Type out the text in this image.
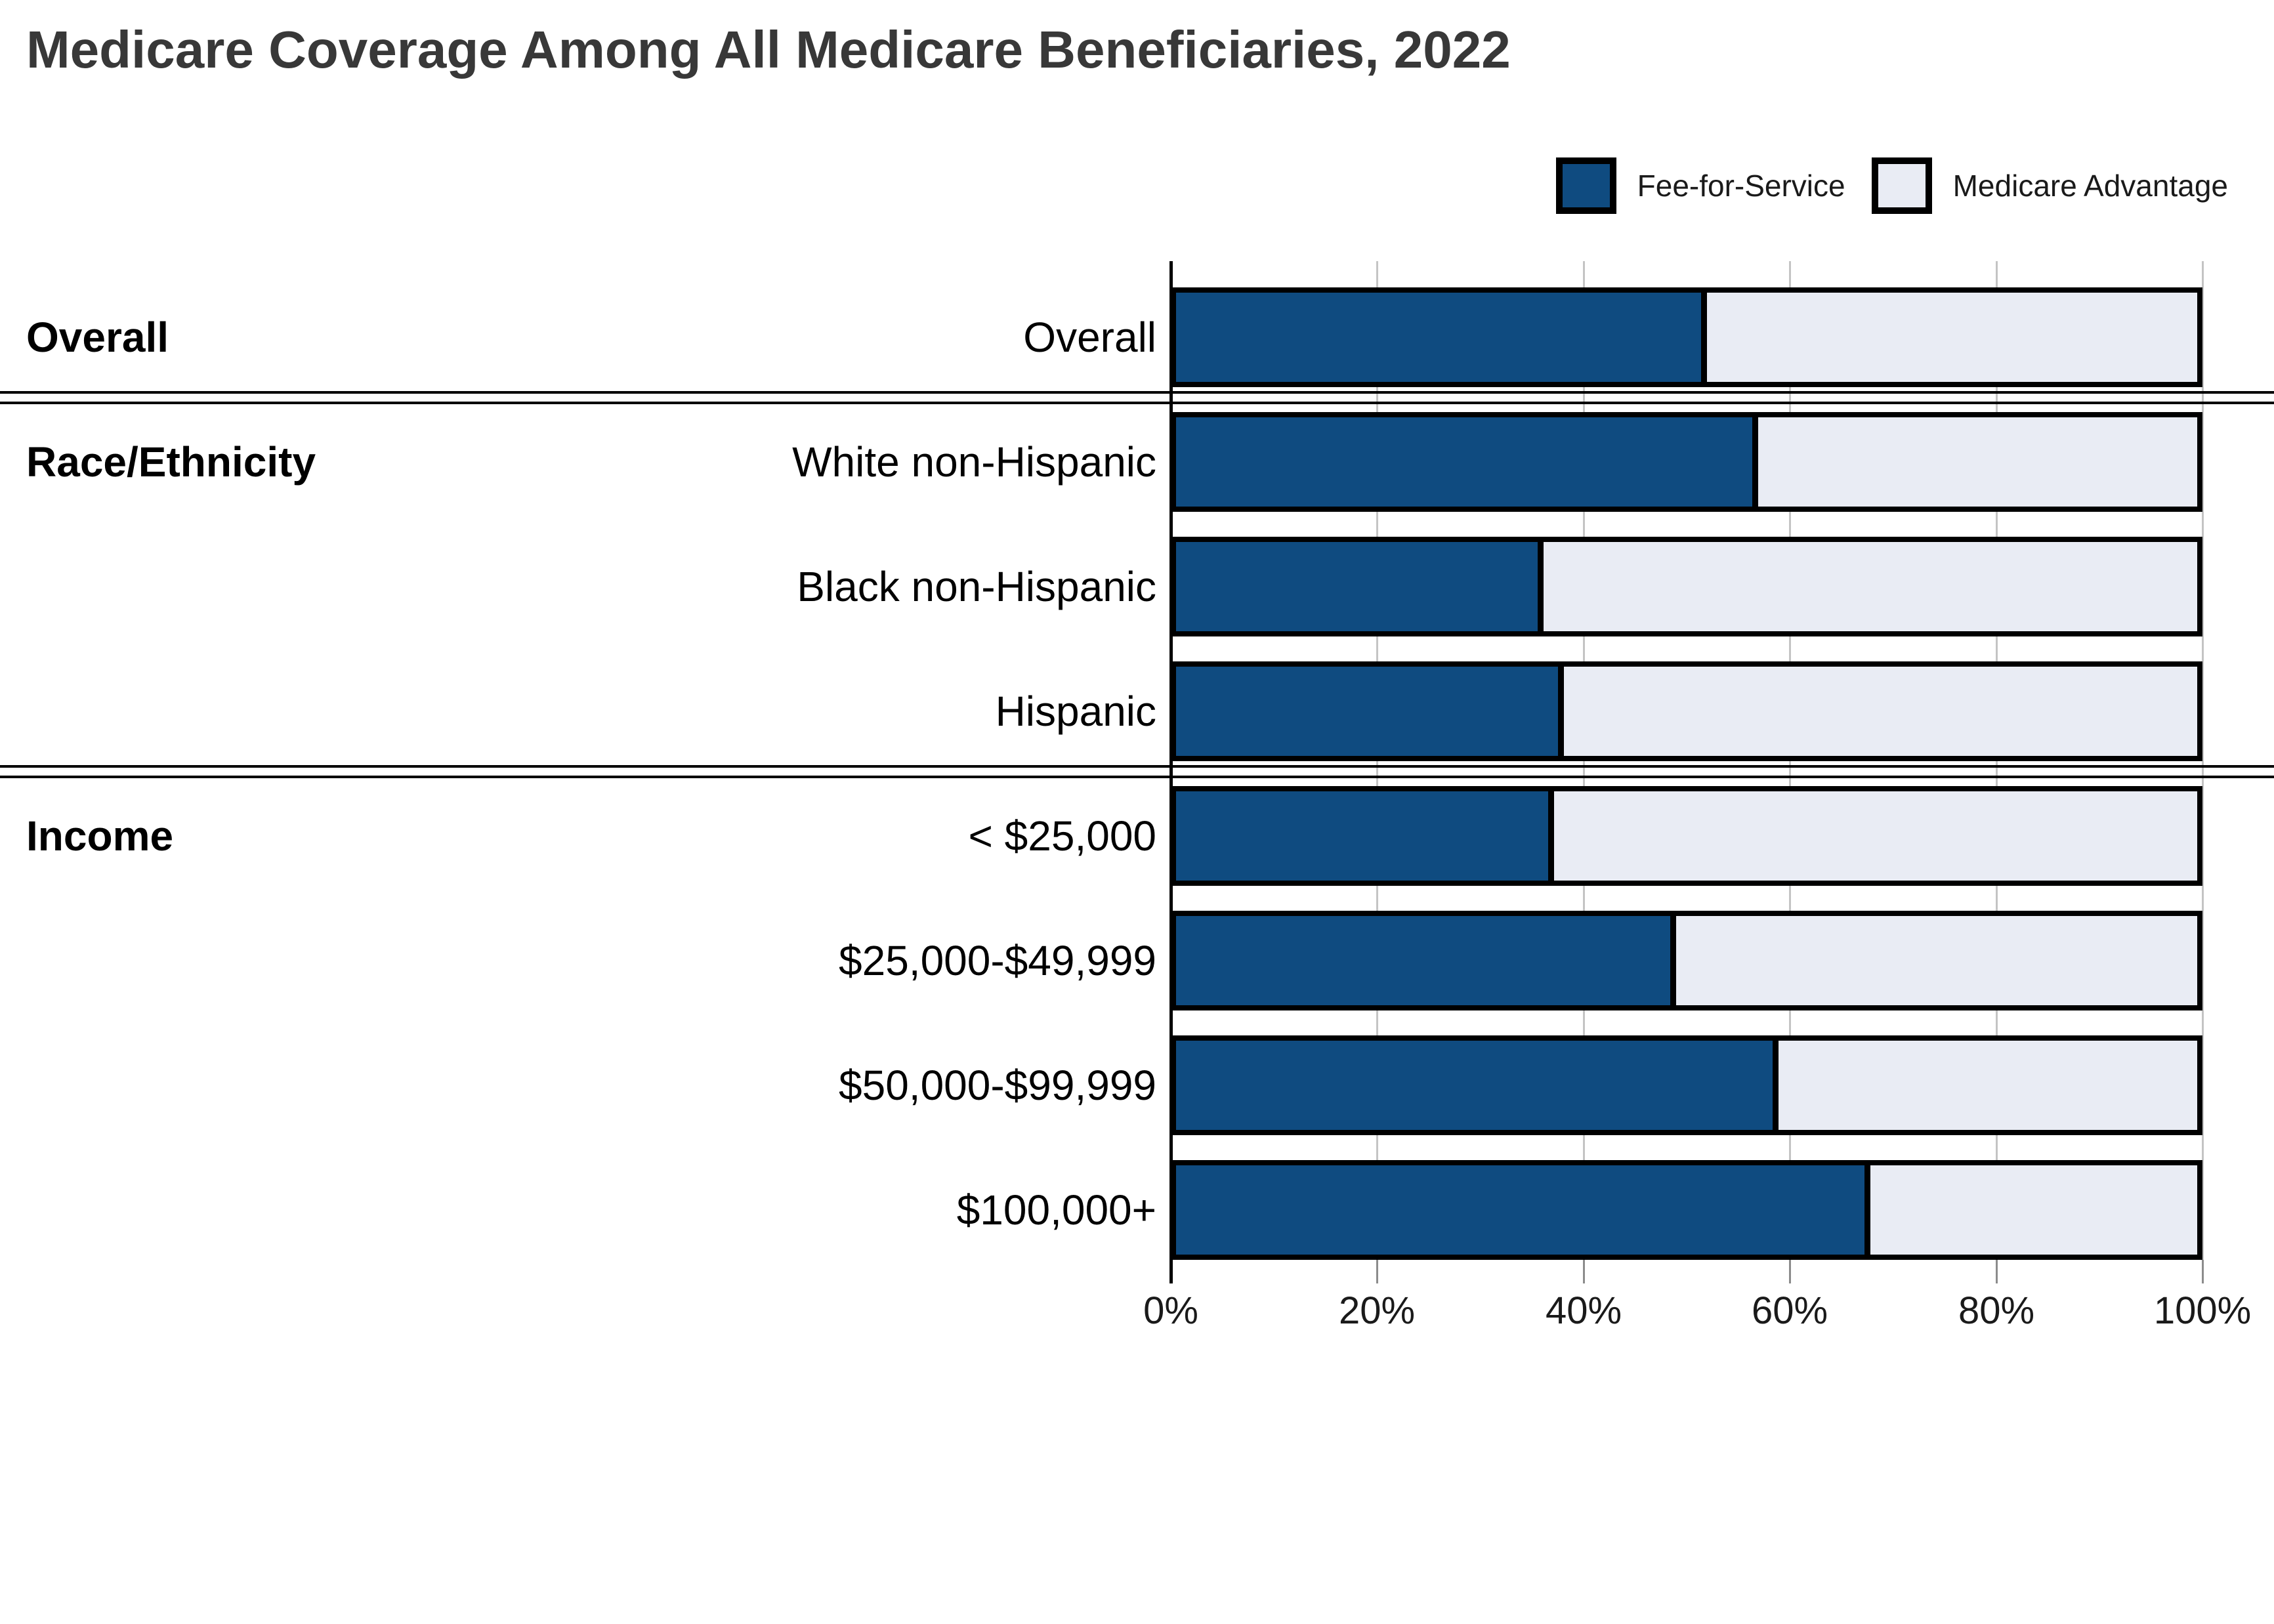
Medicare Coverage Among All Medicare Beneficiaries, 2022
Fee-for-Service	Medicare Advantage
0%	20%	40%	60%	80%	100%
Overall	Overall
Race/Ethnicity	White non-Hispanic
Black non-Hispanic
Hispanic
Income	< $25,000
$25,000-$49,999
$50,000-$99,999
$100,000+
